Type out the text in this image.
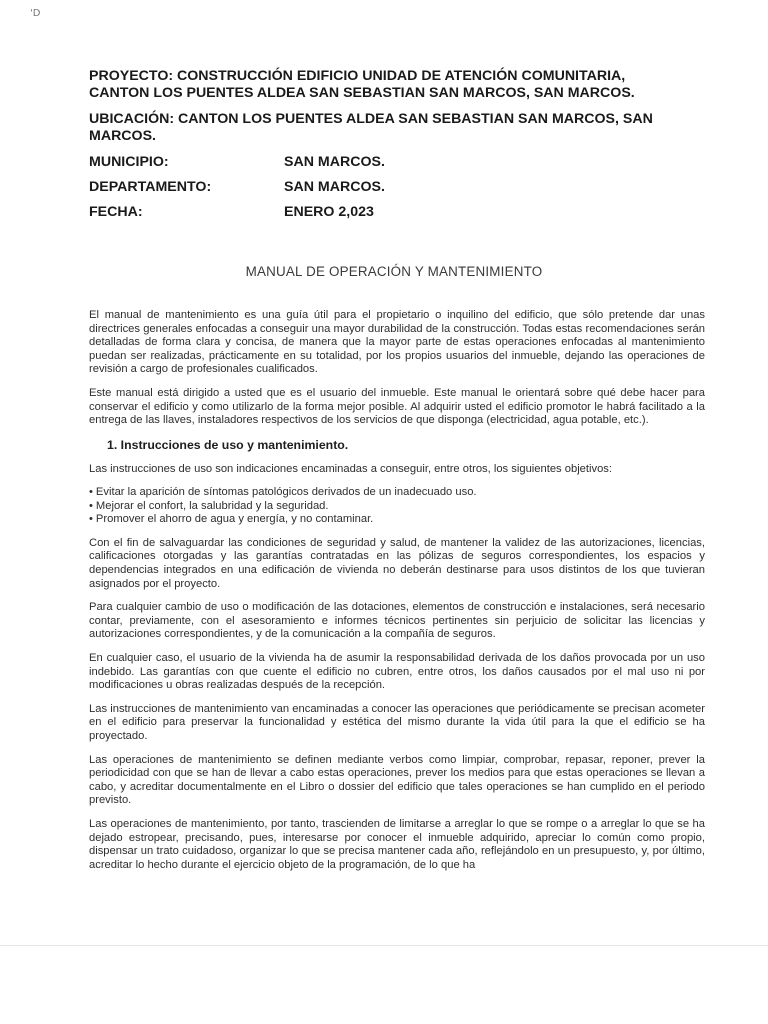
'D

PROYECTO: CONSTRUCCIÓN EDIFICIO UNIDAD DE ATENCIÓN COMUNITARIA, CANTON LOS PUENTES ALDEA SAN SEBASTIAN SAN MARCOS, SAN MARCOS.

UBICACIÓN: CANTON LOS PUENTES ALDEA SAN SEBASTIAN SAN MARCOS, SAN MARCOS.

MUNICIPIO:	SAN MARCOS.
DEPARTAMENTO:	SAN MARCOS.
FECHA:	ENERO 2,023
MANUAL DE OPERACIÓN Y MANTENIMIENTO

El manual de mantenimiento es una guía útil para el propietario o inquilino del edificio, que sólo pretende dar unas directrices generales enfocadas a conseguir una mayor durabilidad de la construcción. Todas estas recomendaciones serán detalladas de forma clara y concisa, de manera que la mayor parte de estas operaciones enfocadas al mantenimiento puedan ser realizadas, prácticamente en su totalidad, por los propios usuarios del inmueble, dejando las operaciones de revisión a cargo de profesionales cualificados.

Este manual está dirigido a usted que es el usuario del inmueble. Este manual le orientará sobre qué debe hacer para conservar el edificio y como utilizarlo de la forma mejor posible. Al adquirir usted el edificio promotor le habrá facilitado a la entrega de las llaves, instaladores respectivos de los servicios de que disponga (electricidad, agua potable, etc.).

1. Instrucciones de uso y mantenimiento.

Las instrucciones de uso son indicaciones encaminadas a conseguir, entre otros, los siguientes objetivos:

• Evitar la aparición de síntomas patológicos derivados de un inadecuado uso.
• Mejorar el confort, la salubridad y la seguridad.
• Promover el ahorro de agua y energía, y no contaminar.

Con el fin de salvaguardar las condiciones de seguridad y salud, de mantener la validez de las autorizaciones, licencias, calificaciones otorgadas y las garantías contratadas en las pólizas de seguros correspondientes, los espacios y dependencias integrados en una edificación de vivienda no deberán destinarse para usos distintos de los que tuvieran asignados por el proyecto.

Para cualquier cambio de uso o modificación de las dotaciones, elementos de construcción e instalaciones, será necesario contar, previamente, con el asesoramiento e informes técnicos pertinentes sin perjuicio de solicitar las licencias y autorizaciones correspondientes, y de la comunicación a la compañía de seguros.

En cualquier caso, el usuario de la vivienda ha de asumir la responsabilidad derivada de los daños provocada por un uso indebido. Las garantías con que cuente el edificio no cubren, entre otros, los daños causados por el mal uso ni por modificaciones u obras realizadas después de la recepción.

Las instrucciones de mantenimiento van encaminadas a conocer las operaciones que periódicamente se precisan acometer en el edificio para preservar la funcionalidad y estética del mismo durante la vida útil para la que el edificio se ha proyectado.

Las operaciones de mantenimiento se definen mediante verbos como limpiar, comprobar, repasar, reponer, prever la periodicidad con que se han de llevar a cabo estas operaciones, prever los medios para que estas operaciones se llevan a cabo, y acreditar documentalmente en el Libro o dossier del edificio que tales operaciones se han cumplido en el periodo previsto.

Las operaciones de mantenimiento, por tanto, trascienden de limitarse a arreglar lo que se rompe o a arreglar lo que se ha dejado estropear, precisando, pues, interesarse por conocer el inmueble adquirido, apreciar lo común como propio, dispensar un trato cuidadoso, organizar lo que se precisa mantener cada año, reflejándolo en un presupuesto, y, por último, acreditar lo hecho durante el ejercicio objeto de la programación, de lo que ha
